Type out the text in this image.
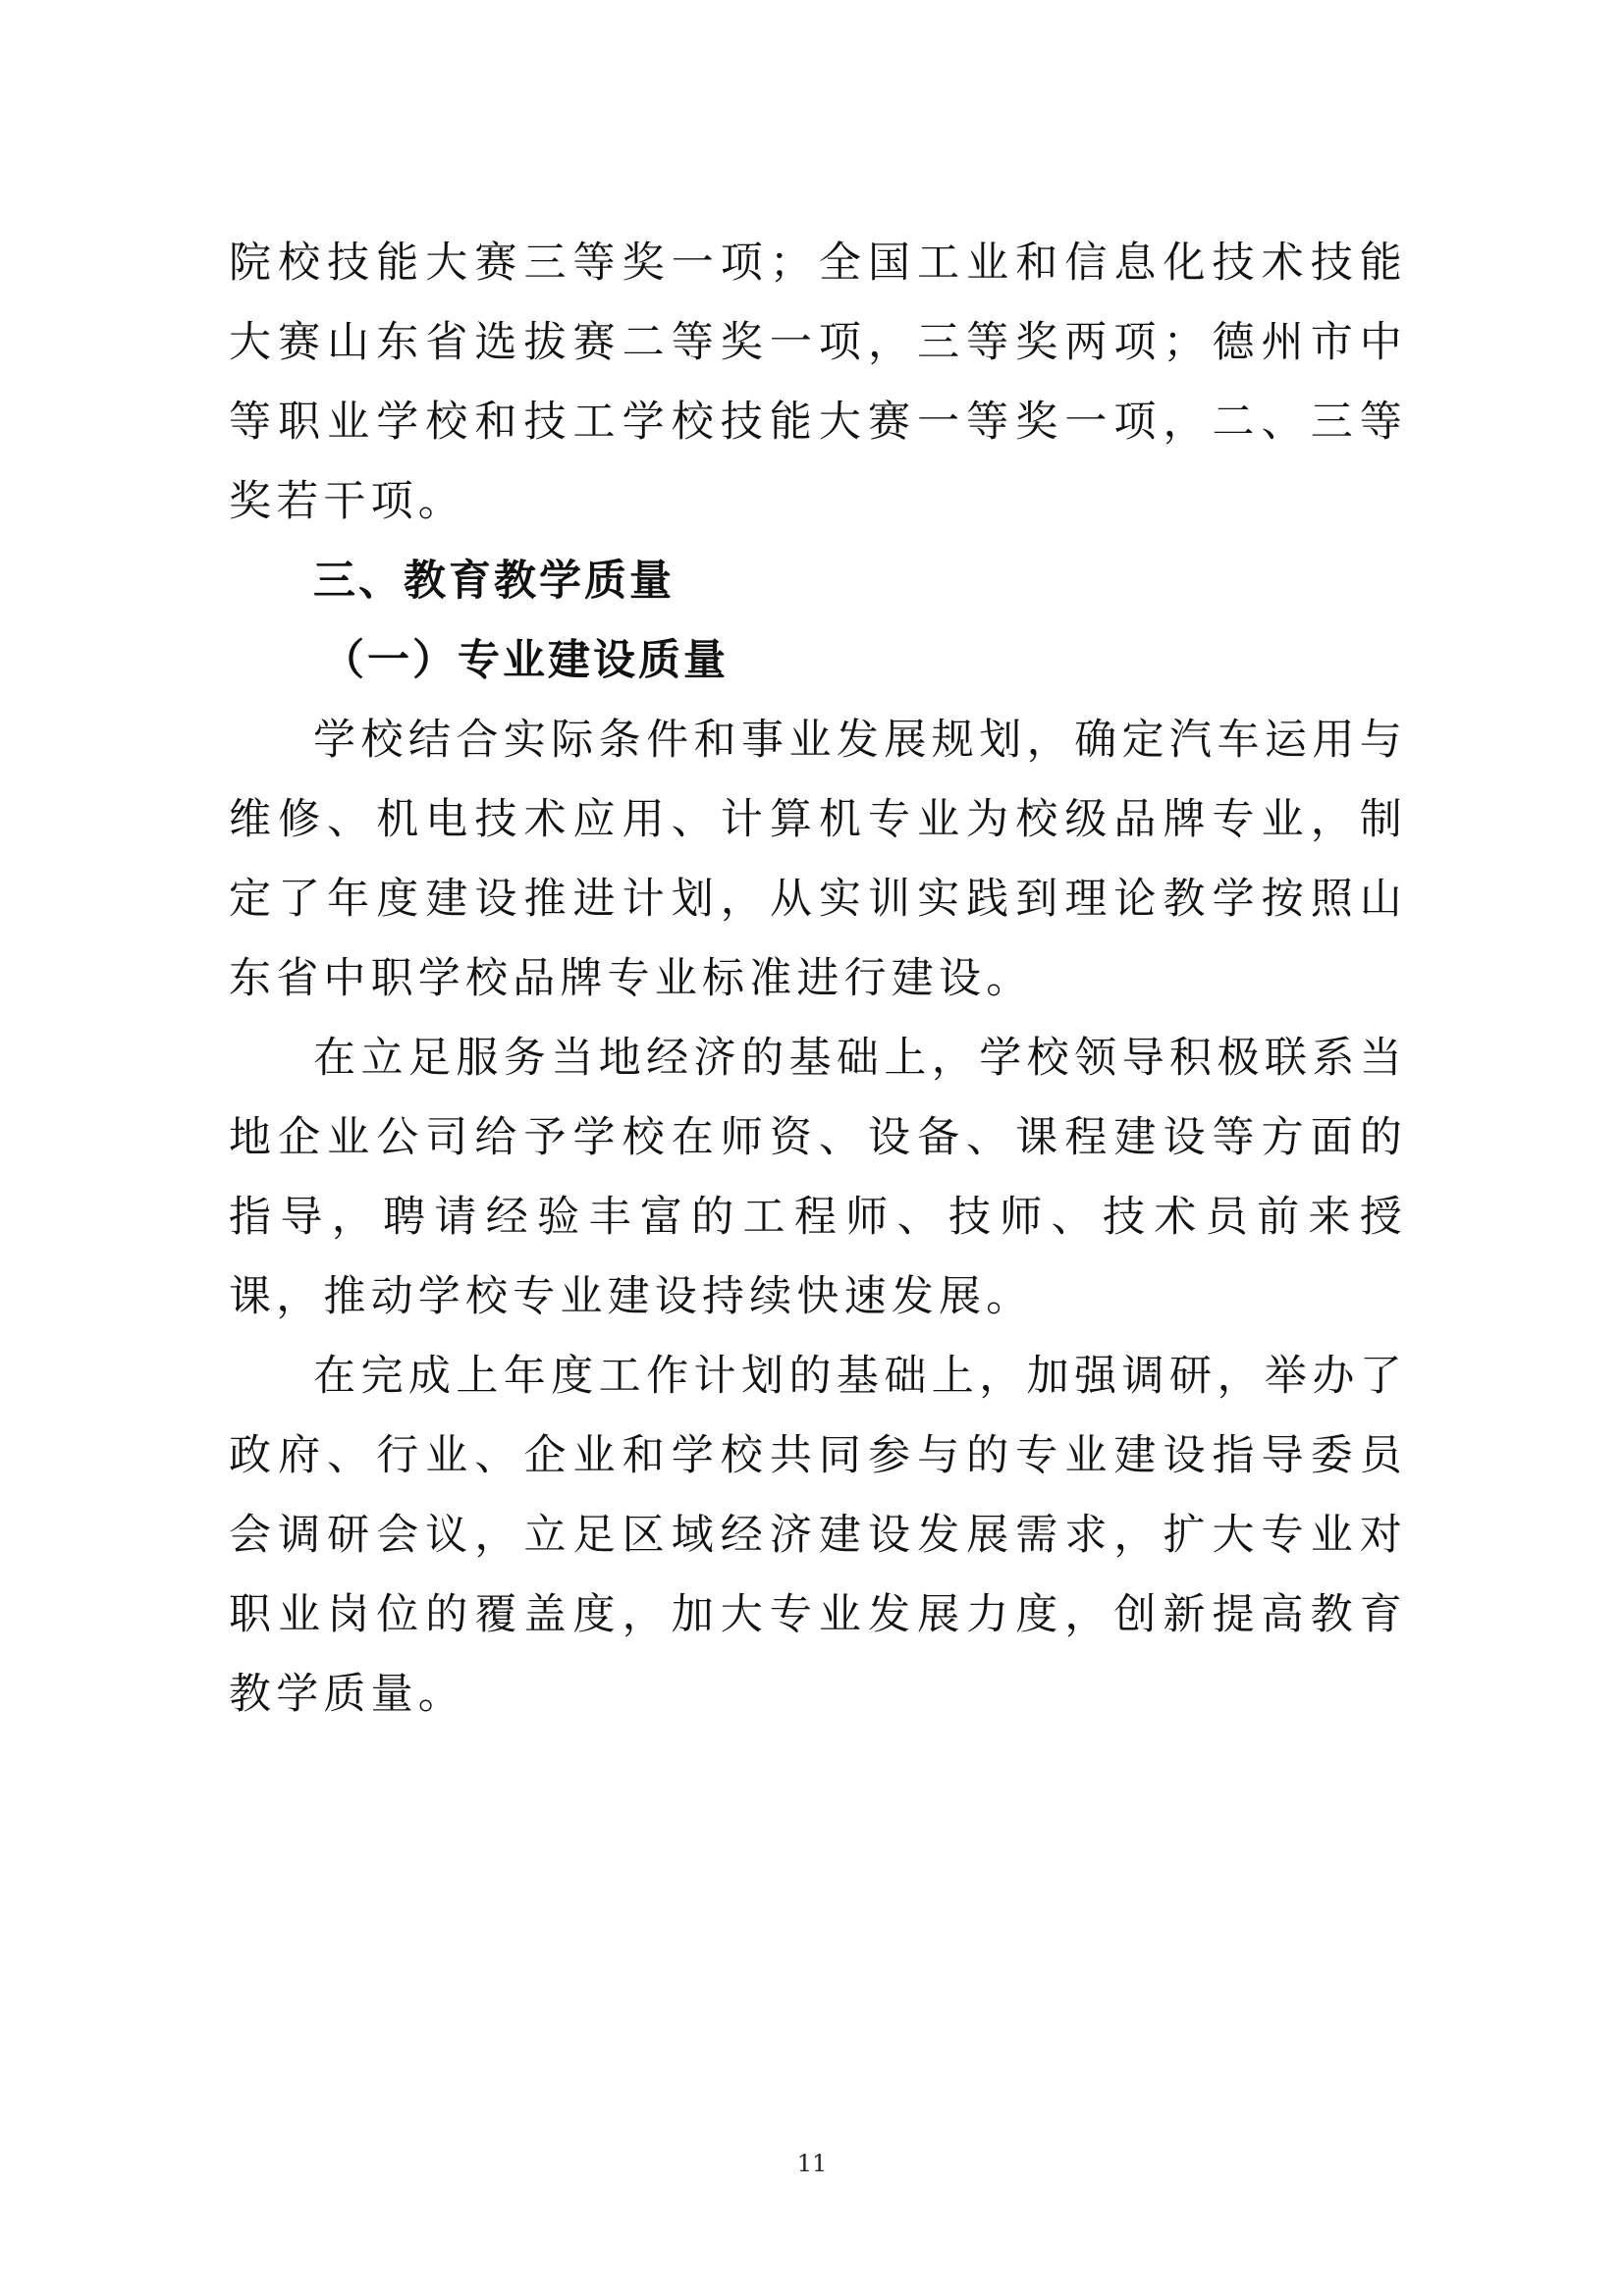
院校技能大赛三等奖一项；全国工业和信息化技术技能大赛山东省选拔赛二等奖一项，三等奖两项；德州市中等职业学校和技工学校技能大赛一等奖一项，二、三等奖若干项。

三、教育教学质量

（一）专业建设质量

学校结合实际条件和事业发展规划，确定汽车运用与维修、机电技术应用、计算机专业为校级品牌专业，制定了年度建设推进计划，从实训实践到理论教学按照山东省中职学校品牌专业标准进行建设。

在立足服务当地经济的基础上，学校领导积极联系当地企业公司给予学校在师资、设备、课程建设等方面的指导，聘请经验丰富的工程师、技师、技术员前来授课，推动学校专业建设持续快速发展。

在完成上年度工作计划的基础上，加强调研，举办了政府、行业、企业和学校共同参与的专业建设指导委员会调研会议，立足区域经济建设发展需求，扩大专业对职业岗位的覆盖度，加大专业发展力度，创新提高教育教学质量。

11
